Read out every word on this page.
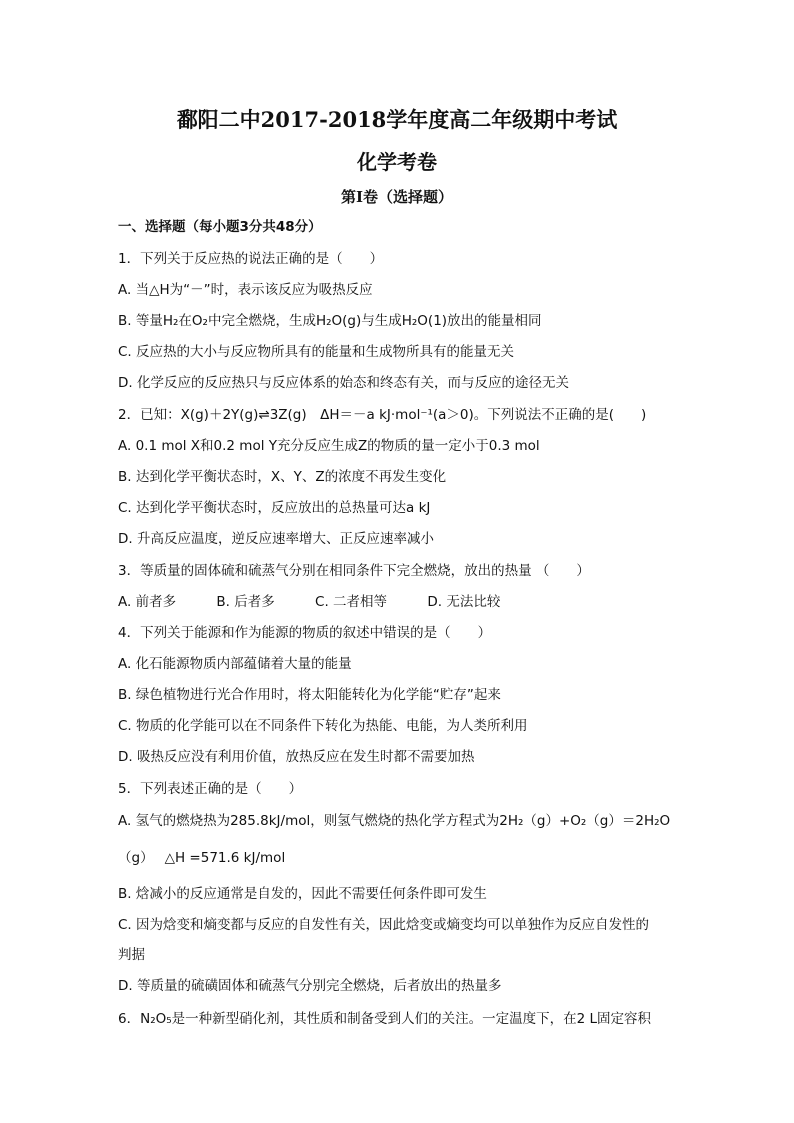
鄱阳二中2017-2018学年度高二年级期中考试
化学考卷
第Ⅰ卷（选择题）
一、选择题（每小题3分共48分）
1．下列关于反应热的说法正确的是（　　）
A. 当△H为“－”时，表示该反应为吸热反应
B. 等量H₂在O₂中完全燃烧，生成H₂O(g)与生成H₂O(1)放出的能量相同
C. 反应热的大小与反应物所具有的能量和生成物所具有的能量无关
D. 化学反应的反应热只与反应体系的始态和终态有关，而与反应的途径无关
2．已知：X(g)＋2Y(g)⇌3Z(g)　ΔH＝－a kJ·mol⁻¹(a＞0)。下列说法不正确的是(　　)
A. 0.1 mol X和0.2 mol Y充分反应生成Z的物质的量一定小于0.3 mol
B. 达到化学平衡状态时，X、Y、Z的浓度不再发生变化
C. 达到化学平衡状态时，反应放出的总热量可达a kJ
D. 升高反应温度，逆反应速率增大、正反应速率减小
3．等质量的固体硫和硫蒸气分别在相同条件下完全燃烧，放出的热量 （　　）
A. 前者多	B. 后者多	C. 二者相等	D. 无法比较
4．下列关于能源和作为能源的物质的叙述中错误的是（　　）
A. 化石能源物质内部蕴储着大量的能量
B. 绿色植物进行光合作用时，将太阳能转化为化学能“贮存”起来
C. 物质的化学能可以在不同条件下转化为热能、电能，为人类所利用
D. 吸热反应没有利用价值，放热反应在发生时都不需要加热
5．下列表述正确的是（　　）
A. 氢气的燃烧热为285.8kJ/mol，则氢气燃烧的热化学方程式为2H₂（g）+O₂（g）＝2H₂O
（g）　 △H =571.6 kJ/mol
B. 焓减小的反应通常是自发的，因此不需要任何条件即可发生
C. 因为焓变和熵变都与反应的自发性有关，因此焓变或熵变均可以单独作为反应自发性的
判据
D. 等质量的硫磺固体和硫蒸气分别完全燃烧，后者放出的热量多
6．N₂O₅是一种新型硝化剂，其性质和制备受到人们的关注。一定温度下，在2 L固定容积
